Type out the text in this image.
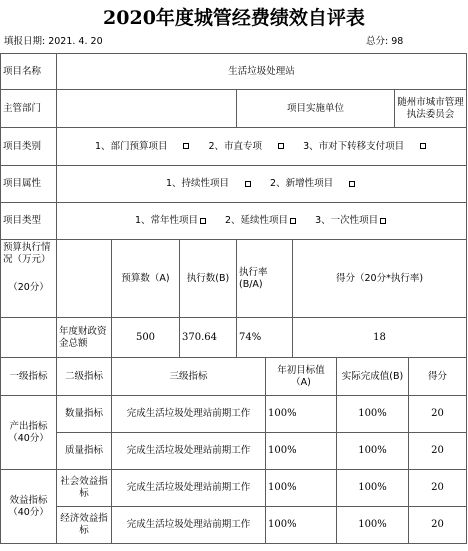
2020年度城管经费绩效自评表
填报日期: 2021. 4. 20	总分: 98
项目名称	生活垃圾处理站								
主管部门				项目实施单位				随州市城市管理执法委员会	
项目类别	1、部门预算项目 2、市直专项 3、市对下转移支付项目								
项目属性	1、持续性项目 2、新增性项目								
项目类型	1、常年性项目 2、延续性项目 3、一次性项目								

预算执行情况（万元）
（20分）		预算数（A)	执行数(B)	执行率(B/A)		得分（20分*执行率)			
	年度财政资金总额	500	370.64	74%		18			
一级指标	二级指标	三级指标			年初目标值（A)		实际完成值(B)		得分

产出指标
（40分）	数量指标	完成生活垃圾处理站前期工作			100%		100%		20
	质量指标	完成生活垃圾处理站前期工作			100%		100%		20

效益指标
（40分）	社会效益指标	完成生活垃圾处理站前期工作			100%		100%		20
	经济效益指标	完成生活垃圾处理站前期工作			100%		100%		20
